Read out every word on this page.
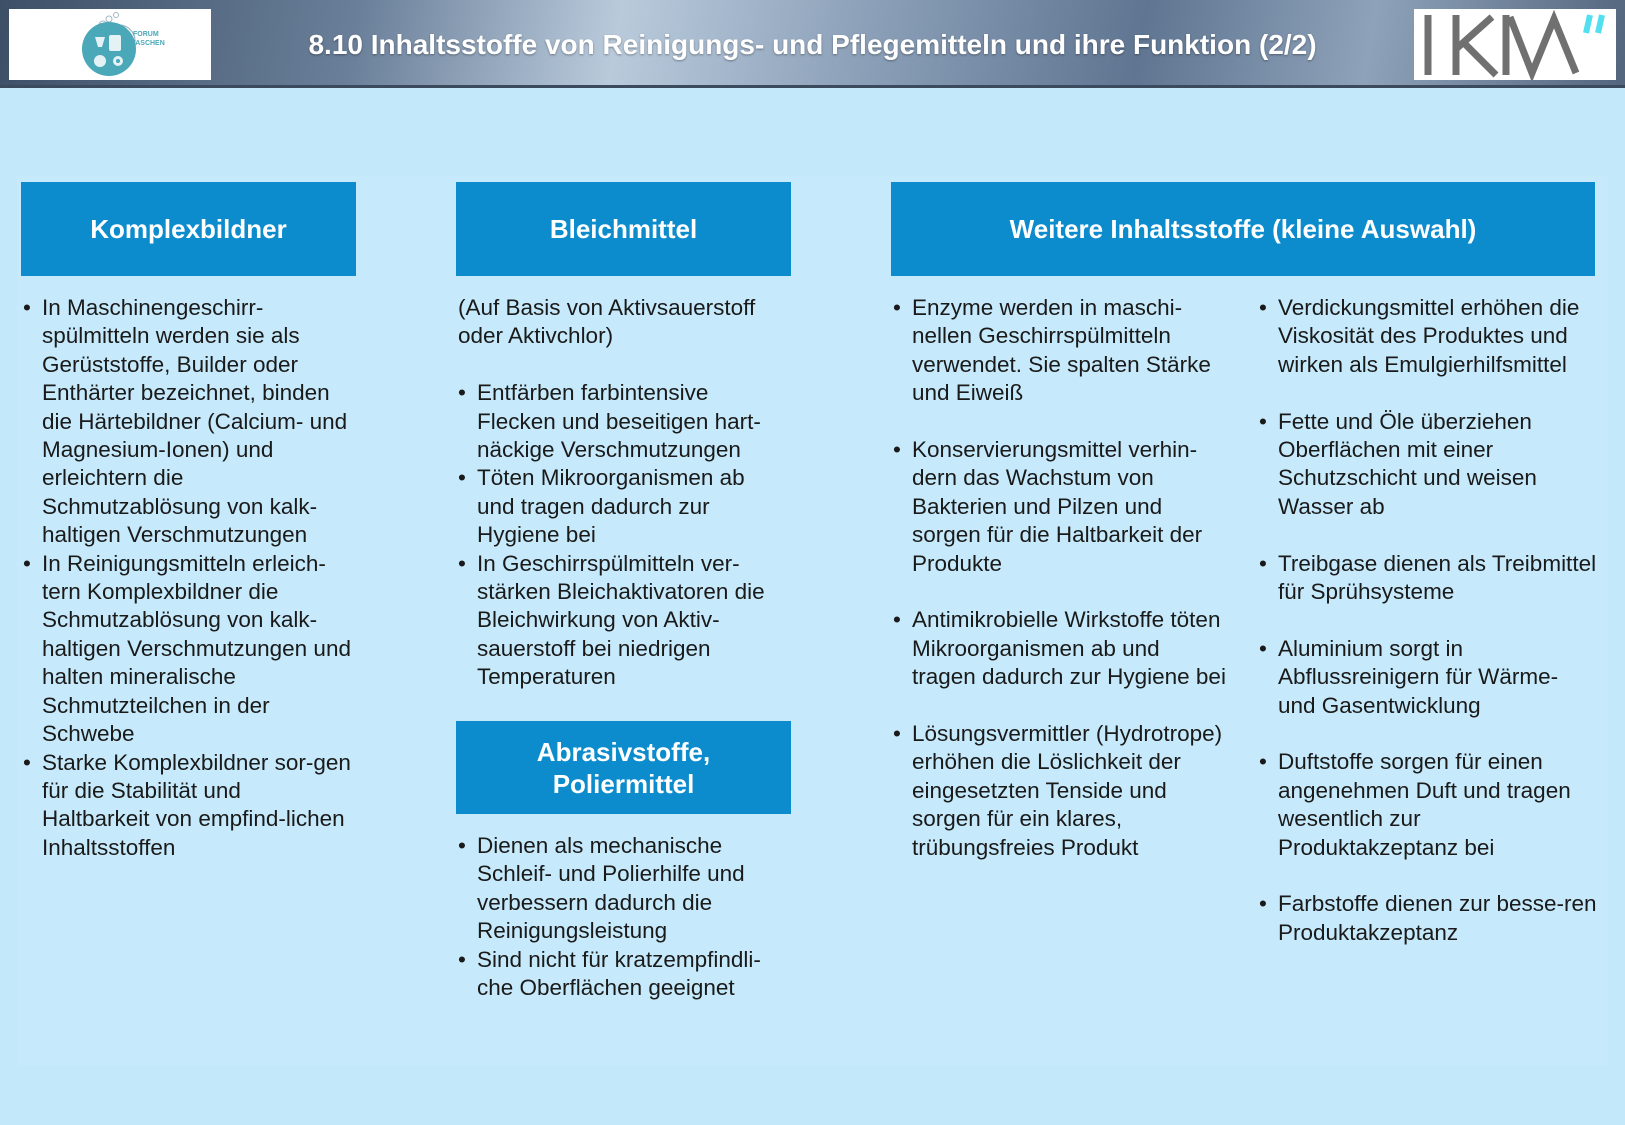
FORUM
WASCHEN	8.10 Inhaltsstoffe von Reinigungs- und Pflegemitteln und ihre Funktion (2/2)
Komplexbildner
• In Maschinengeschirr-spülmitteln werden sie als Gerüststoffe, Builder oder Enthärter bezeichnet, binden die Härtebildner (Calcium- und Magnesium-Ionen) und erleichtern die Schmutzablösung von kalk-haltigen Verschmutzungen
• In Reinigungsmitteln erleich-tern Komplexbildner die Schmutzablösung von kalk-haltigen Verschmutzungen und halten mineralische Schmutzteilchen in der Schwebe
• Starke Komplexbildner sor-gen für die Stabilität und Haltbarkeit von empfind-lichen Inhaltsstoffen
Bleichmittel

(Auf Basis von Aktivsauerstoff oder Aktivchlor)

• Entfärben farbintensive Flecken und beseitigen hart-näckige Verschmutzungen
• Töten Mikroorganismen ab und tragen dadurch zur Hygiene bei
• In Geschirrspülmitteln ver-stärken Bleichaktivatoren die Bleichwirkung von Aktiv-sauerstoff bei niedrigen Temperaturen
Abrasivstoffe,
Poliermittel
• Dienen als mechanische Schleif- und Polierhilfe und verbessern dadurch die Reinigungsleistung
• Sind nicht für kratzempfindli-che Oberflächen geeignet
Weitere Inhaltsstoffe (kleine Auswahl)
• Enzyme werden in maschi-nellen Geschirrspülmitteln verwendet. Sie spalten Stärke und Eiweiß
• Konservierungsmittel verhin-dern das Wachstum von Bakterien und Pilzen und sorgen für die Haltbarkeit der Produkte
• Antimikrobielle Wirkstoffe töten Mikroorganismen ab und tragen dadurch zur Hygiene bei
• Lösungsvermittler (Hydrotrope) erhöhen die Löslichkeit der eingesetzten Tenside und sorgen für ein klares, trübungsfreies Produkt
• Verdickungsmittel erhöhen die Viskosität des Produktes und wirken als Emulgierhilfsmittel
• Fette und Öle überziehen Oberflächen mit einer Schutzschicht und weisen Wasser ab
• Treibgase dienen als Treibmittel für Sprühsysteme
• Aluminium sorgt in Abflussreinigern für Wärme- und Gasentwicklung
• Duftstoffe sorgen für einen angenehmen Duft und tragen wesentlich zur Produktakzeptanz bei
• Farbstoffe dienen zur besse-ren Produktakzeptanz
